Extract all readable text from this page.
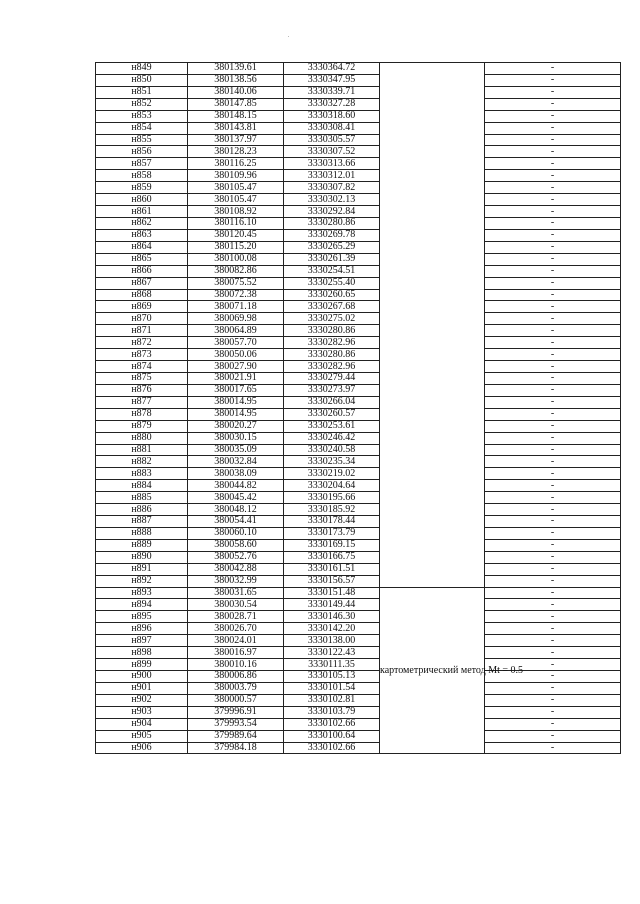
н849	380139.61	3330364.72		-
н850	380138.56	3330347.95		-
н851	380140.06	3330339.71		-
н852	380147.85	3330327.28		-
н853	380148.15	3330318.60		-
н854	380143.81	3330308.41		-
н855	380137.97	3330305.57		-
н856	380128.23	3330307.52		-
н857	380116.25	3330313.66		-
н858	380109.96	3330312.01		-
н859	380105.47	3330307.82		-
н860	380105.47	3330302.13		-
н861	380108.92	3330292.84		-
н862	380116.10	3330280.86		-
н863	380120.45	3330269.78		-
н864	380115.20	3330265.29		-
н865	380100.08	3330261.39		-
н866	380082.86	3330254.51		-
н867	380075.52	3330255.40		-
н868	380072.38	3330260.65		-
н869	380071.18	3330267.68		-
н870	380069.98	3330275.02		-
н871	380064.89	3330280.86		-
н872	380057.70	3330282.96		-
н873	380050.06	3330280.86		-
н874	380027.90	3330282.96		-
н875	380021.91	3330279.44		-
н876	380017.65	3330273.97		-
н877	380014.95	3330266.04		-
н878	380014.95	3330260.57		-
н879	380020.27	3330253.61		-
н880	380030.15	3330246.42		-
н881	380035.09	3330240.58		-
н882	380032.84	3330235.34		-
н883	380038.09	3330219.02		-
н884	380044.82	3330204.64		-
н885	380045.42	3330195.66		-
н886	380048.12	3330185.92		-
н887	380054.41	3330178.44		-
н888	380060.10	3330173.79		-
н889	380058.60	3330169.15		-
н890	380052.76	3330166.75		-
н891	380042.88	3330161.51		-
н892	380032.99	3330156.57		-
н893	380031.65	3330151.48	картометрический метод Mt = 0.5	-
н894	380030.54	3330149.44		-
н895	380028.71	3330146.30		-
н896	380026.70	3330142.20		-
н897	380024.01	3330138.00		-
н898	380016.97	3330122.43		-
н899	380010.16	3330111.35		-
н900	380006.86	3330105.13		-
н901	380003.79	3330101.54		-
н902	380000.57	3330102.81		-
н903	379996.91	3330103.79		-
н904	379993.54	3330102.66		-
н905	379989.64	3330100.64		-
н906	379984.18	3330102.66		-
